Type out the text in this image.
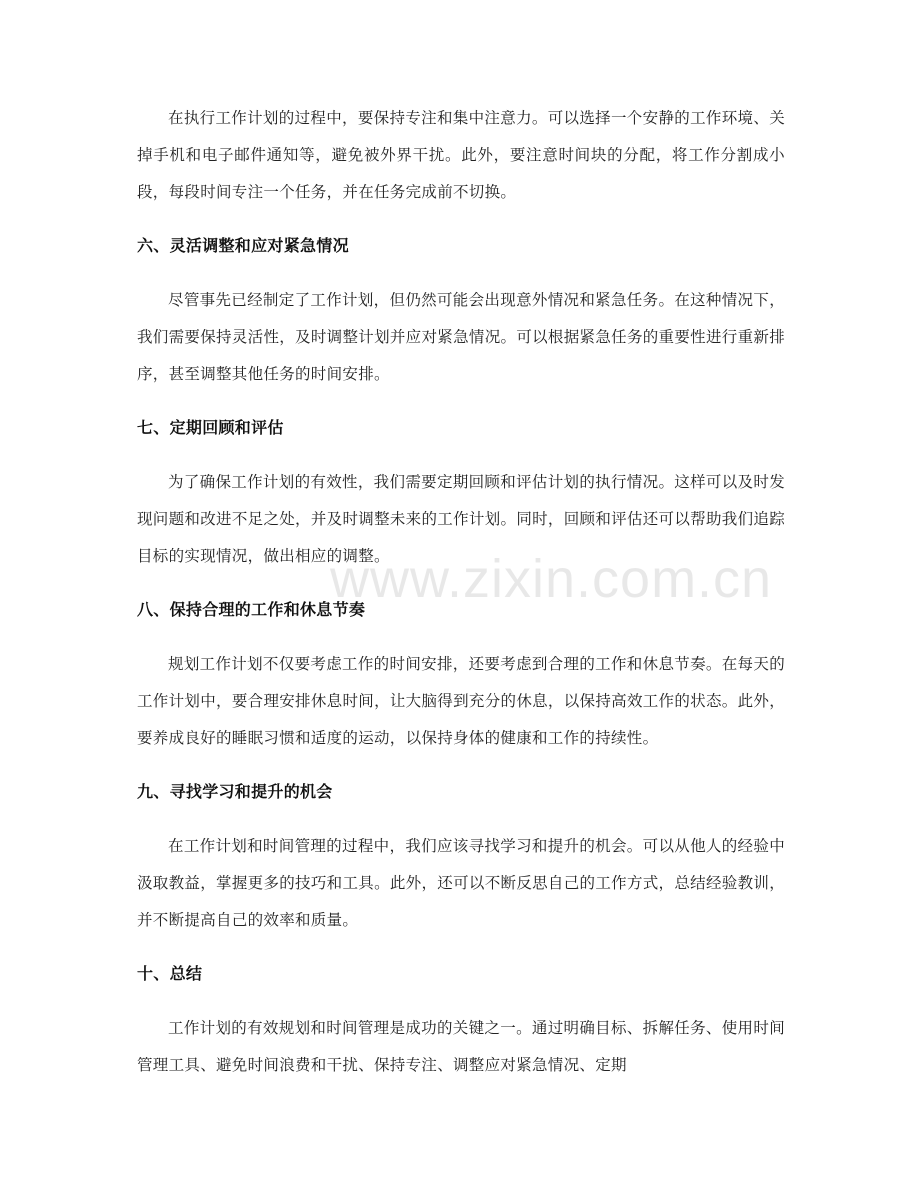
在执行工作计划的过程中，要保持专注和集中注意力。可以选择一个安静的工作环境、关掉手机和电子邮件通知等，避免被外界干扰。此外，要注意时间块的分配，将工作分割成小段，每段时间专注一个任务，并在任务完成前不切换。

六、灵活调整和应对紧急情况

尽管事先已经制定了工作计划，但仍然可能会出现意外情况和紧急任务。在这种情况下，我们需要保持灵活性，及时调整计划并应对紧急情况。可以根据紧急任务的重要性进行重新排序，甚至调整其他任务的时间安排。

七、定期回顾和评估

为了确保工作计划的有效性，我们需要定期回顾和评估计划的执行情况。这样可以及时发现问题和改进不足之处，并及时调整未来的工作计划。同时，回顾和评估还可以帮助我们追踪目标的实现情况，做出相应的调整。

八、保持合理的工作和休息节奏

规划工作计划不仅要考虑工作的时间安排，还要考虑到合理的工作和休息节奏。在每天的工作计划中，要合理安排休息时间，让大脑得到充分的休息，以保持高效工作的状态。此外，要养成良好的睡眠习惯和适度的运动，以保持身体的健康和工作的持续性。

九、寻找学习和提升的机会

在工作计划和时间管理的过程中，我们应该寻找学习和提升的机会。可以从他人的经验中汲取教益，掌握更多的技巧和工具。此外，还可以不断反思自己的工作方式，总结经验教训，并不断提高自己的效率和质量。

十、总结

工作计划的有效规划和时间管理是成功的关键之一。通过明确目标、拆解任务、使用时间管理工具、避免时间浪费和干扰、保持专注、调整应对紧急情况、定期

www.zixin.com.cn
